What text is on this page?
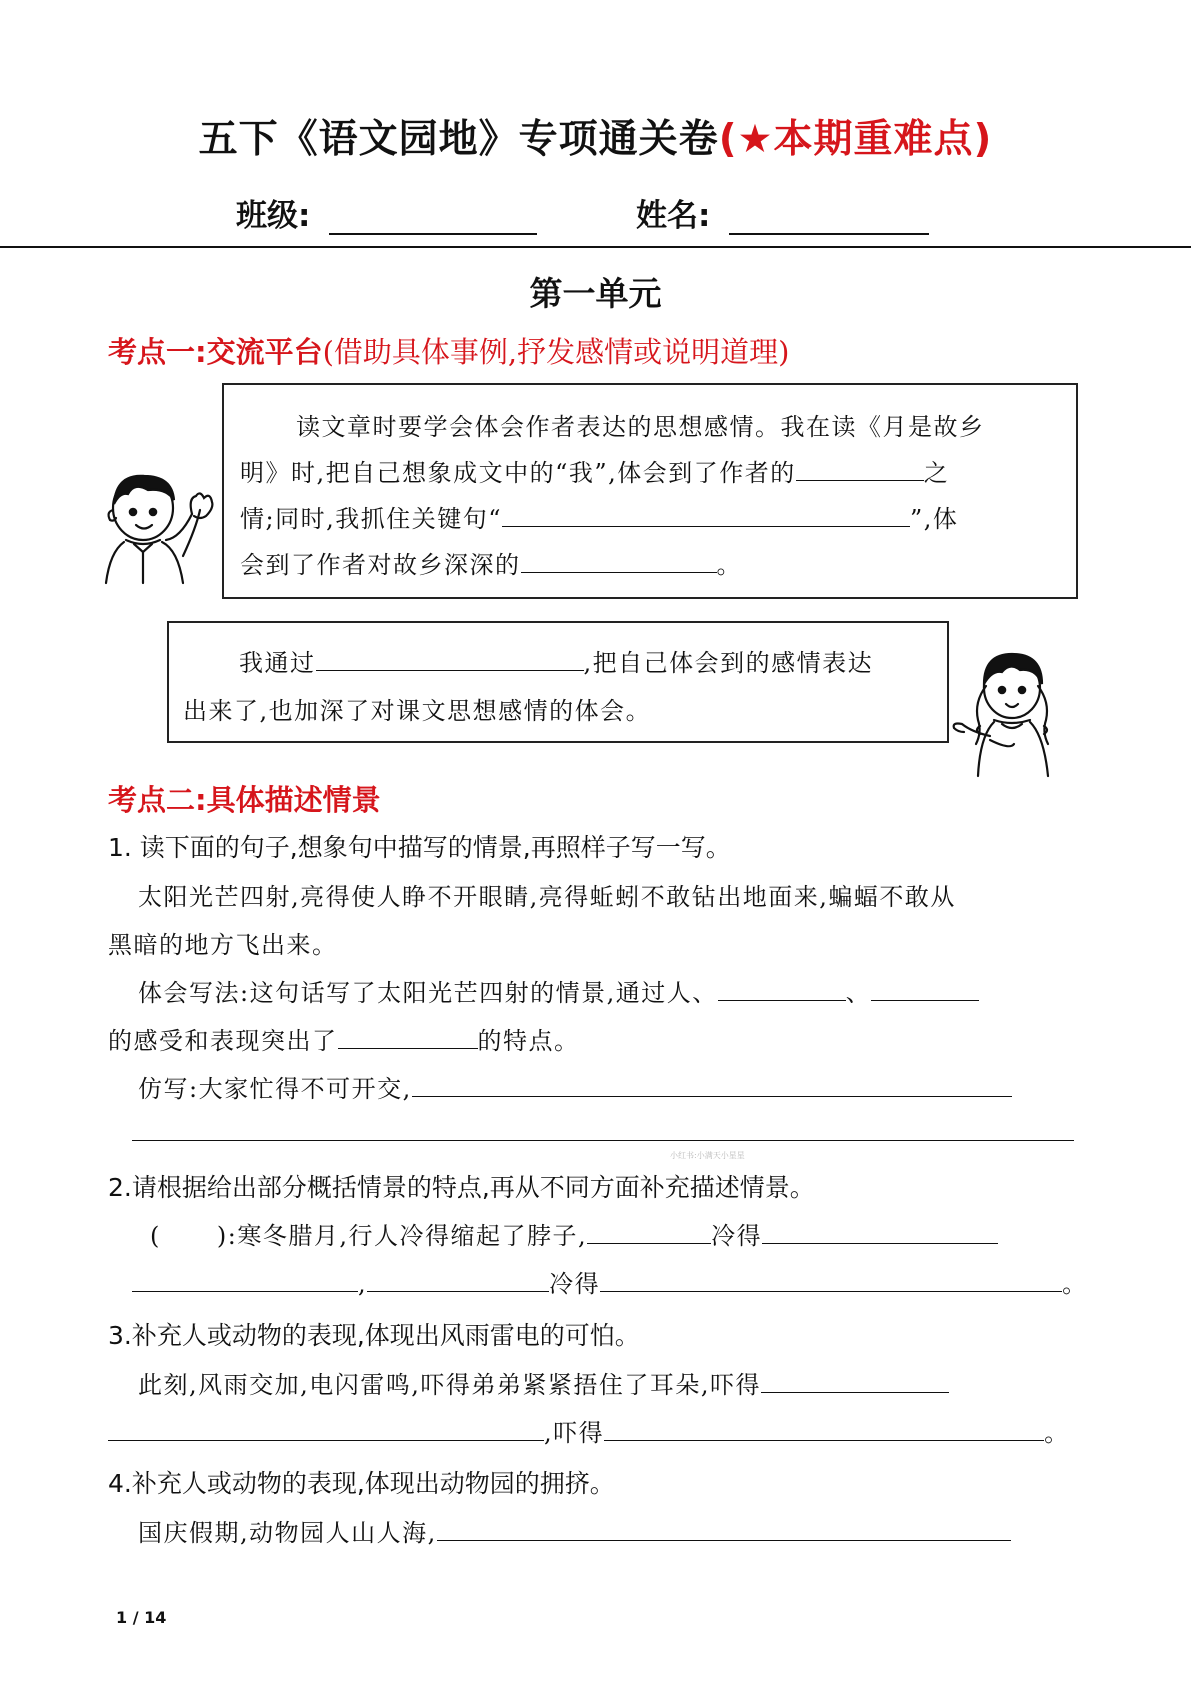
五下《语文园地》专项通关卷(★本期重难点)
班级:	姓名:
第一单元
考点一:交流平台(借助具体事例,抒发感情或说明道理)
读文章时要学会体会作者表达的思想感情。我在读《月是故乡
明》时,把自己想象成文中的“我”,体会到了作者的	之
情;同时,我抓住关键句“	”,体
会到了作者对故乡深深的	。
我通过	,把自己体会到的感情表达
出来了,也加深了对课文思想感情的体会。
考点二:具体描述情景
1. 读下面的句子,想象句中描写的情景,再照样子写一写。
太阳光芒四射,亮得使人睁不开眼睛,亮得蚯蚓不敢钻出地面来,蝙蝠不敢从
黑暗的地方飞出来。
体会写法:这句话写了太阳光芒四射的情景,通过人、	、
的感受和表现突出了	的特点。
仿写:大家忙得不可开交,
小红书:小满天小星星
2.请根据给出部分概括情景的特点,再从不同方面补充描述情景。
( ):寒冬腊月,行人冷得缩起了脖子,	冷得
,	冷得	。
3.补充人或动物的表现,体现出风雨雷电的可怕。
此刻,风雨交加,电闪雷鸣,吓得弟弟紧紧捂住了耳朵,吓得
,吓得	。
4.补充人或动物的表现,体现出动物园的拥挤。
国庆假期,动物园人山人海,
1 / 14
